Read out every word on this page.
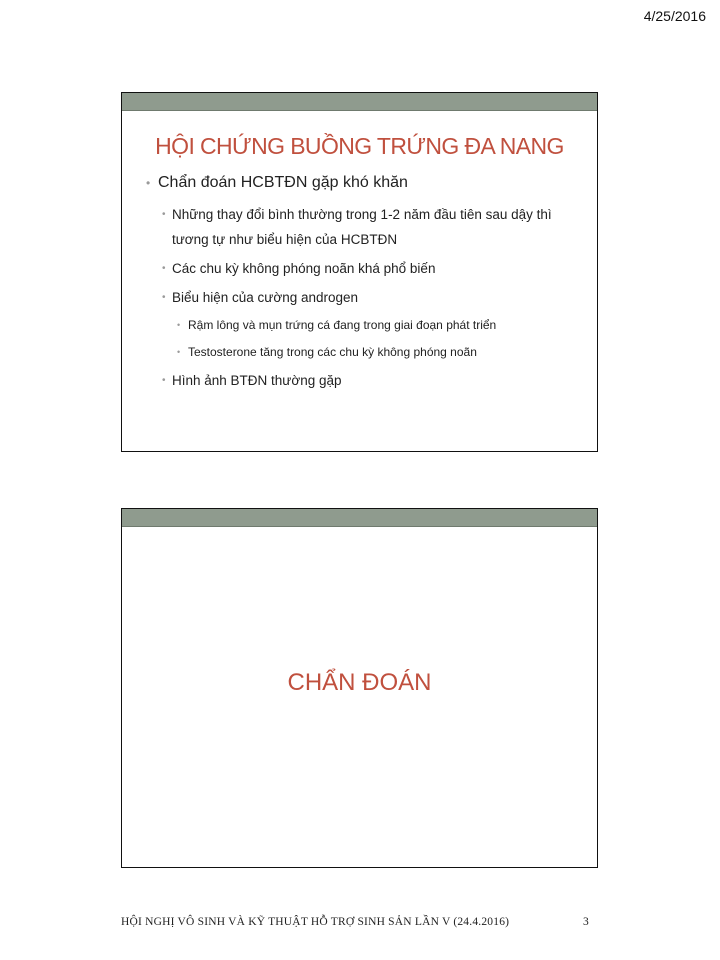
4/25/2016
HỘI CHỨNG BUỒNG TRỨNG ĐA NANG
• Chẩn đoán HCBTĐN gặp khó khăn
• Những thay đổi bình thường trong 1-2 năm đầu tiên sau dậy thì tương tự như biểu hiện của HCBTĐN
• Các chu kỳ không phóng noãn khá phổ biến
• Biểu hiện của cường androgen
• Rậm lông và mụn trứng cá đang trong giai đoạn phát triển
• Testosterone tăng trong các chu kỳ không phóng noãn
• Hình ảnh BTĐN thường gặp
CHẨN ĐOÁN
HỘI NGHỊ VÔ SINH VÀ KỸ THUẬT HỖ TRỢ SINH SẢN LẦN V (24.4.2016)	3
